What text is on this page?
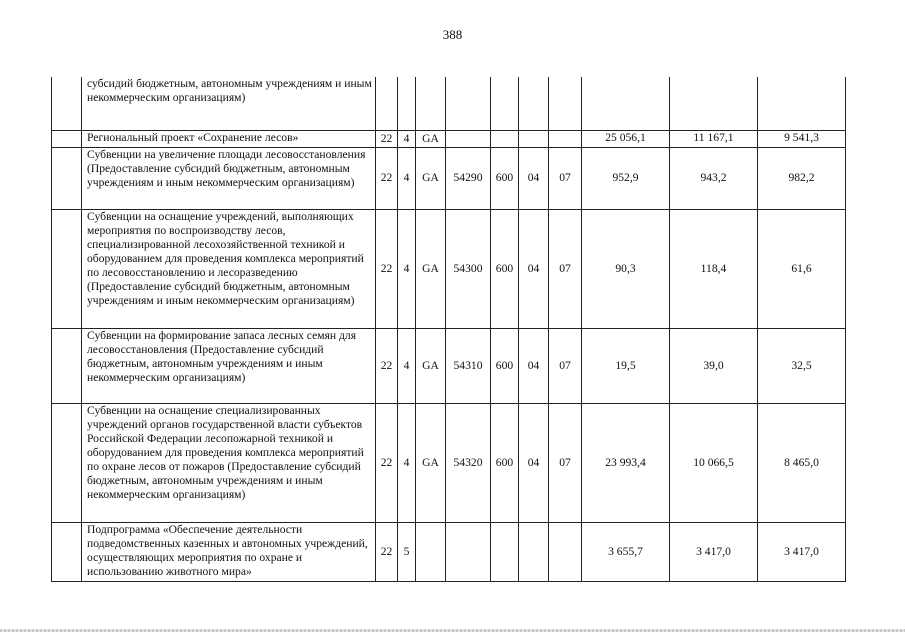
388
	субсидий бюджетным, автономным учреждениям и иным некоммерческим организациям)										
	Региональный проект «Сохранение лесов»	22	4	GA					25 056,1	11 167,1	9 541,3
	Субвенции на увеличение площади лесовосстановления (Предоставление субсидий бюджетным, автономным учреждениям и иным некоммерческим организациям)	22	4	GA	54290	600	04	07	952,9	943,2	982,2
	Субвенции на оснащение учреждений, выполняющих мероприятия по воспроизводству лесов, специализированной лесохозяйственной техникой и оборудованием для проведения комплекса мероприятий по лесовосстановлению и лесоразведению (Предоставление субсидий бюджетным, автономным учреждениям и иным некоммерческим организациям)	22	4	GA	54300	600	04	07	90,3	118,4	61,6
	Субвенции на формирование запаса лесных семян для лесовосстановления (Предоставление субсидий бюджетным, автономным учреждениям и иным некоммерческим организациям)	22	4	GA	54310	600	04	07	19,5	39,0	32,5
	Субвенции на оснащение специализированных учреждений органов государственной власти субъектов Российской Федерации лесопожарной техникой и оборудованием для проведения комплекса мероприятий по охране лесов от пожаров (Предоставление субсидий бюджетным, автономным учреждениям и иным некоммерческим организациям)	22	4	GA	54320	600	04	07	23 993,4	10 066,5	8 465,0
	Подпрограмма «Обеспечение деятельности подведомственных казенных и автономных учреждений, осуществляющих мероприятия по охране и использованию животного мира»	22	5						3 655,7	3 417,0	3 417,0
